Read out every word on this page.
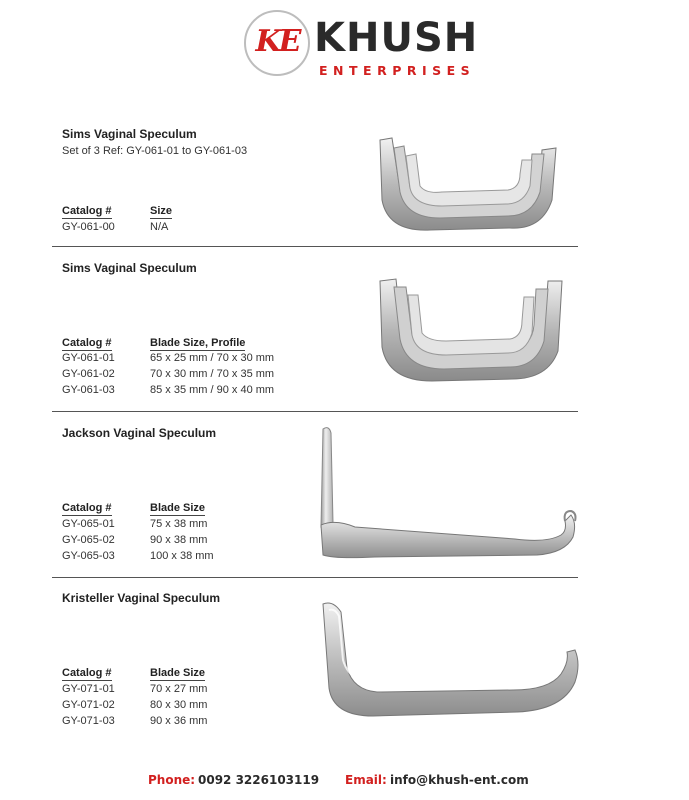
KE KHUSH
ENTERPRISES
Sims Vaginal Speculum
Set of 3 Ref: GY-061-01 to GY-061-03
Catalog #	Size
GY-061-00	N/A
Sims Vaginal Speculum
Catalog #	Blade Size, Profile
GY-061-01	65 x 25 mm / 70 x 30 mm
GY-061-02	70 x 30 mm / 70 x 35 mm
GY-061-03	85 x 35 mm / 90 x 40 mm
Jackson Vaginal Speculum
Catalog #	Blade Size
GY-065-01	75 x 38 mm
GY-065-02	90 x 38 mm
GY-065-03	100 x 38 mm
Kristeller Vaginal Speculum
Catalog #	Blade Size
GY-071-01	70 x 27 mm
GY-071-02	80 x 30 mm
GY-071-03	90 x 36 mm
Phone: 0092 3226103119 Email: info@khush-ent.com
